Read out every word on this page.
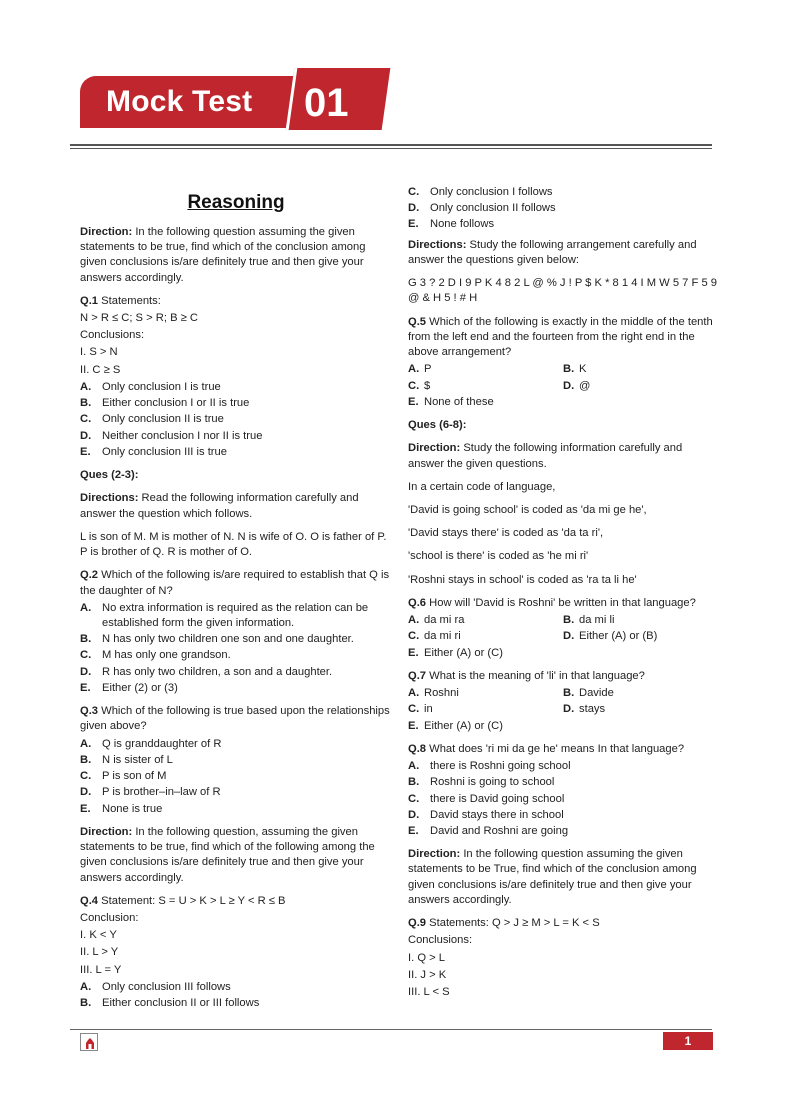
Mock Test 01
Reasoning
Direction: In the following question assuming the given statements to be true, find which of the conclusion among given conclusions is/are definitely true and then give your answers accordingly.
Q.1 Statements:
N > R ≤ C; S > R; B ≥ C
Conclusions:
I. S > N
II. C ≥ S
A. Only conclusion I is true
B. Either conclusion I or II is true
C. Only conclusion II is true
D. Neither conclusion I nor II is true
E.	Only conclusion III is true
Ques (2-3):
Directions: Read the following information carefully and answer the question which follows.
L is son of M. M is mother of N. N is wife of O. O is father of P. P is brother of Q. R is mother of O.
Q.2 Which of the following is/are required to establish that Q is the daughter of N?
A. No extra information is required as the relation can be established form the given information.
B. N has only two children one son and one daughter.
C. M has only one grandson.
D. R has only two children, a son and a daughter.
E.	Either (2) or (3)
Q.3 Which of the following is true based upon the relationships given above?
A. Q is granddaughter of R
B. N is sister of L
C. P is son of M
D. P is brother–in–law of R
E.	None is true
Direction: In the following question, assuming the given statements to be true, find which of the following among the given conclusions is/are definitely true and then give your answers accordingly.
Q.4 Statement: S = U > K > L ≥ Y < R ≤ B
Conclusion:
I. K < Y
II. L > Y
III. L = Y
A. Only conclusion III follows
B. Either conclusion II or III follows
C. Only conclusion I follows
D. Only conclusion II follows
E.	None follows
Directions: Study the following arrangement carefully and answer the questions given below:
G 3 ? 2 D I 9 P K 4 8 2 L @ % J ! P $ K * 8 1 4 I M W 5 7 F 5 9 @ & H 5 ! # H
Q.5 Which of the following is exactly in the middle of the tenth from the left end and the fourteen from the right end in the above arrangement?
A. P	B. K
C. $	D. @
E. None of these
Ques (6-8):
Direction: Study the following information carefully and answer the given questions.
In a certain code of language,
'David is going school' is coded as 'da mi ge he',
'David stays there' is coded as 'da ta ri',
'school is there' is coded as 'he mi ri'
'Roshni stays in school' is coded as 'ra ta li he'
Q.6 How will 'David is Roshni' be written in that language?
A. da mi ra	B. da mi li
C. da mi ri	D. Either (A) or (B)
E. Either (A) or (C)
Q.7 What is the meaning of 'li' in that language?
A. Roshni	B. Davide
C. in	D. stays
E. Either (A) or (C)
Q.8 What does 'ri mi da ge he' means In that language?
A. there is Roshni going school
B. Roshni is going to school
C. there is David going school
D. David stays there in school
E.	David and Roshni are going
Direction: In the following question assuming the given statements to be True, find which of the conclusion among given conclusions is/are definitely true and then give your answers accordingly.
Q.9 Statements: Q > J ≥ M > L = K < S
Conclusions:
I. Q > L
II. J > K
III. L < S
1
